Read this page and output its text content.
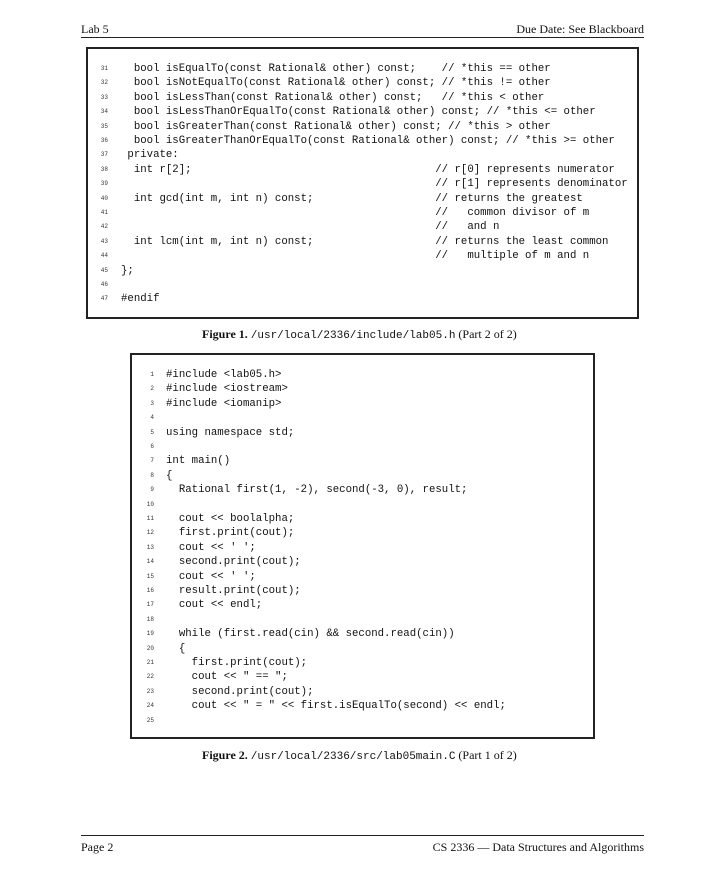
Lab 5	Due Date: See Blackboard
31 bool isEqualTo(const Rational& other) const;    // *this == other
32 bool isNotEqualTo(const Rational& other) const; // *this != other
33 bool isLessThan(const Rational& other) const;   // *this < other
34 bool isLessThanOrEqualTo(const Rational& other) const; // *this <= other
35 bool isGreaterThan(const Rational& other) const; // *this > other
36 bool isGreaterThanOrEqualTo(const Rational& other) const; // *this >= other
37 private:
38 int r[2];                                      // r[0] represents numerator
39 // r[1] represents denominator
40 int gcd(int m, int n) const;                   // returns the greatest
41 //   common divisor of m
42 //   and n
43 int lcm(int m, int n) const;                   // returns the least common
44 //   multiple of m and n
45 };
46
47 #endif
Figure 1. /usr/local/2336/include/lab05.h (Part 2 of 2)
1 #include <lab05.h>
2 #include <iostream>
3 #include <iomanip>
4
5 using namespace std;
6
7 int main()
8 {
9 Rational first(1, -2), second(-3, 0), result;
10
11 cout << boolalpha;
12 first.print(cout);
13 cout << ' ';
14 second.print(cout);
15 cout << ' ';
16 result.print(cout);
17 cout << endl;
18
19 while (first.read(cin) && second.read(cin))
20 {
21 first.print(cout);
22 cout << " == ";
23 second.print(cout);
24 cout << " = " << first.isEqualTo(second) << endl;
25
Figure 2. /usr/local/2336/src/lab05main.C (Part 1 of 2)
Page 2	CS 2336 — Data Structures and Algorithms
